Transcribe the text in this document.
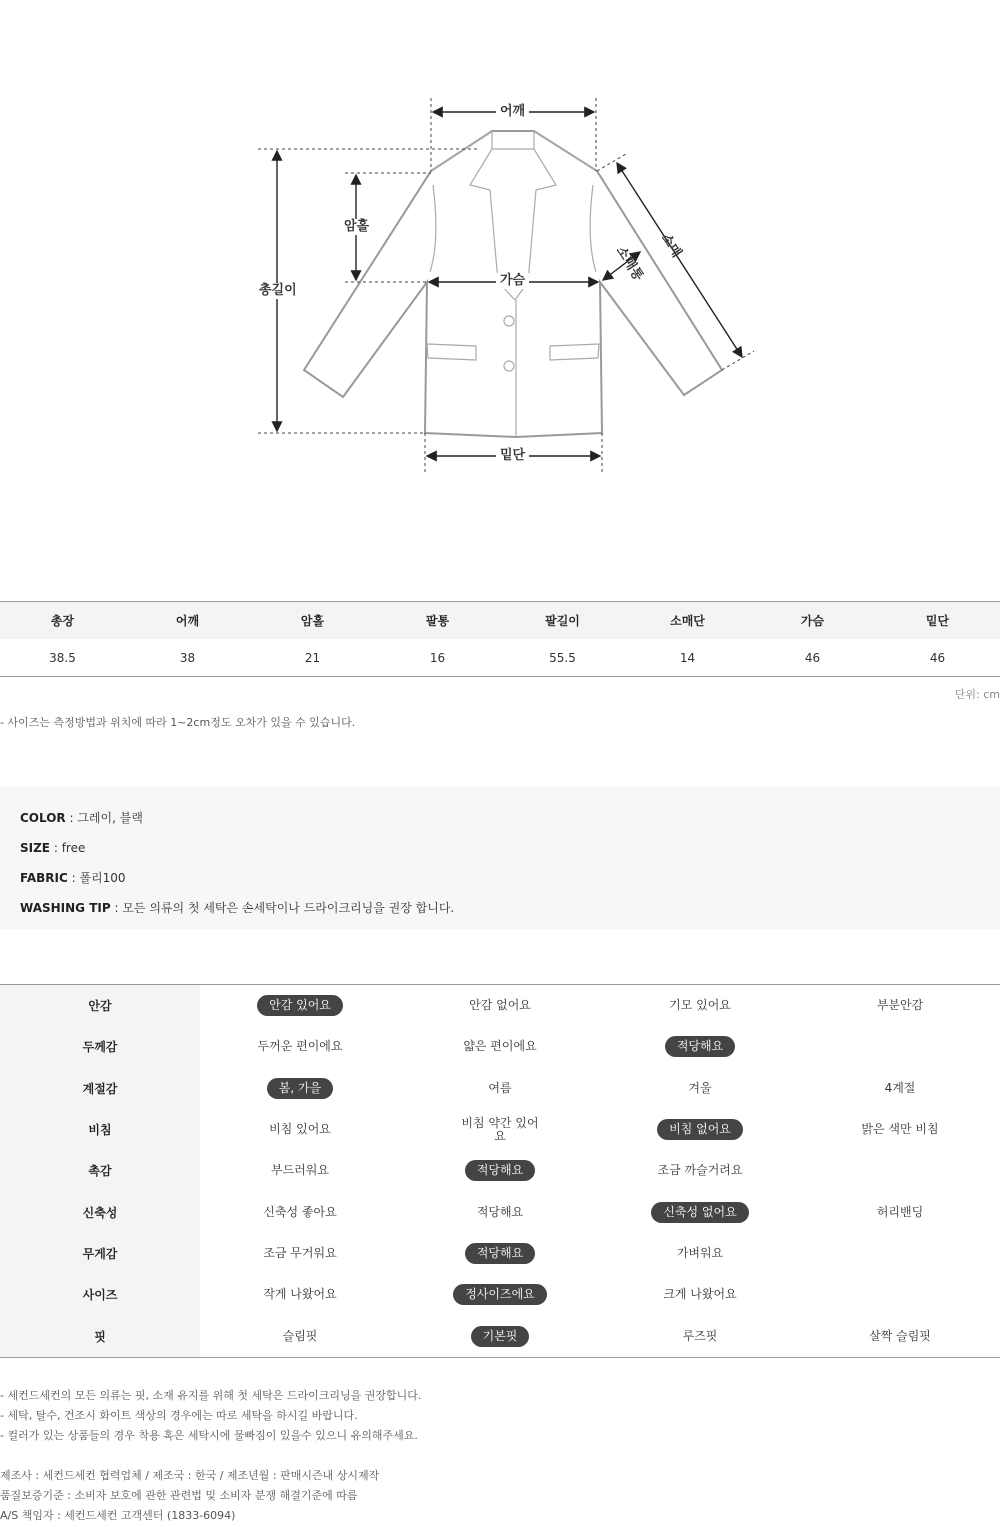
어깨
암홀
총길이
가슴
밑단
소매
소매통
총장	어깨	암홀	팔통	팔길이	소매단	가슴	밑단
38.5	38	21	16	55.5	14	46	46
단위: cm
- 사이즈는 측정방법과 위치에 따라 1~2cm정도 오차가 있을 수 있습니다.
COLOR : 그레이, 블랙
SIZE : free
FABRIC : 폴리100
WASHING TIP : 모든 의류의 첫 세탁은 손세탁이나 드라이크리닝을 권장 합니다.
안감	안감 있어요	안감 없어요	기모 있어요	부분안감
두께감	두꺼운 편이에요	얇은 편이에요	적당해요
계절감	봄, 가을	여름	겨울	4계절
비침	비침 있어요	비침 약간 있어요	비침 없어요	밝은 색만 비침
촉감	부드러워요	적당해요	조금 까슬거려요
신축성	신축성 좋아요	적당해요	신축성 없어요	허리밴딩
무게감	조금 무거워요	적당해요	가벼워요
사이즈	작게 나왔어요	정사이즈에요	크게 나왔어요
핏	슬림핏	기본핏	루즈핏	살짝 슬림핏
- 세컨드세컨의 모든 의류는 핏, 소재 유지를 위해 첫 세탁은 드라이크리닝을 권장합니다.
- 세탁, 탈수, 건조시 화이트 색상의 경우에는 따로 세탁을 하시길 바랍니다.
- 컬러가 있는 상품들의 경우 착용 혹은 세탁시에 물빠짐이 있을수 있으니 유의해주세요.
제조사 : 세컨드세컨 협력업체 / 제조국 : 한국 / 제조년월 : 판매시즌내 상시제작
품질보증기준 : 소비자 보호에 관한 관련법 및 소비자 분쟁 해결기준에 따름
A/S 책임자 : 세컨드세컨 고객센터 (1833-6094)
